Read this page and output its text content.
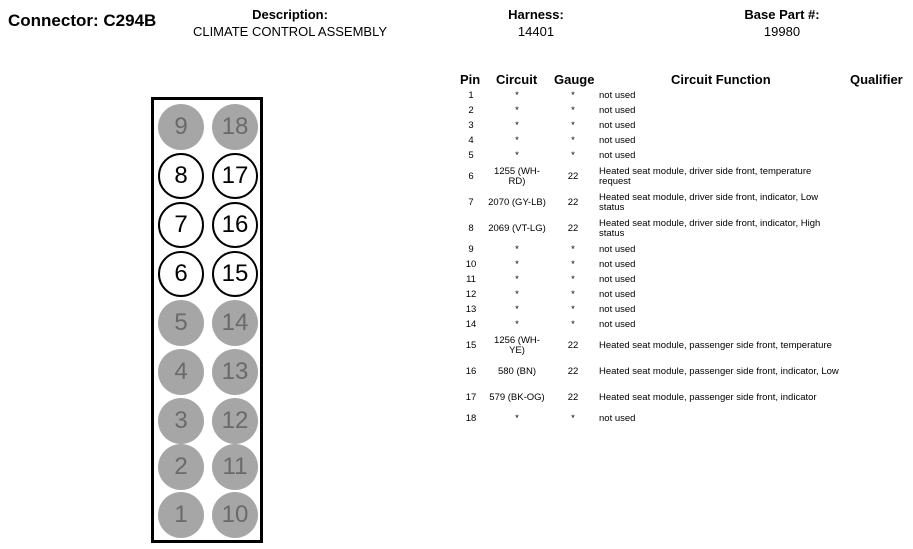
Connector: C294B	Description:
CLIMATE CONTROL ASSEMBLY
Harness:
14401
Base Part #:
19980
9	18
8	17
7	16
6	15
5	14
4	13
3	12
2	11
1	10
Pin Circuit Gauge	Circuit Function	Qualifier
1	*	*	not used
2	*	*	not used
3	*	*	not used
4	*	*	not used
5	*	*	not used
6	1255 (WH-RD)	22	Heated seat module, driver side front, temperature request
7	2070 (GY-LB)	22	Heated seat module, driver side front, indicator, Low status
8	2069 (VT-LG)	22	Heated seat module, driver side front, indicator, High status
9	*	*	not used
10	*	*	not used
11	*	*	not used
12	*	*	not used
13	*	*	not used
14	*	*	not used
15	1256 (WH-YE)	22	Heated seat module, passenger side front, temperature
16	580 (BN)	22	Heated seat module, passenger side front, indicator, Low
17	579 (BK-OG)	22	Heated seat module, passenger side front, indicator
18	*	*	not used
